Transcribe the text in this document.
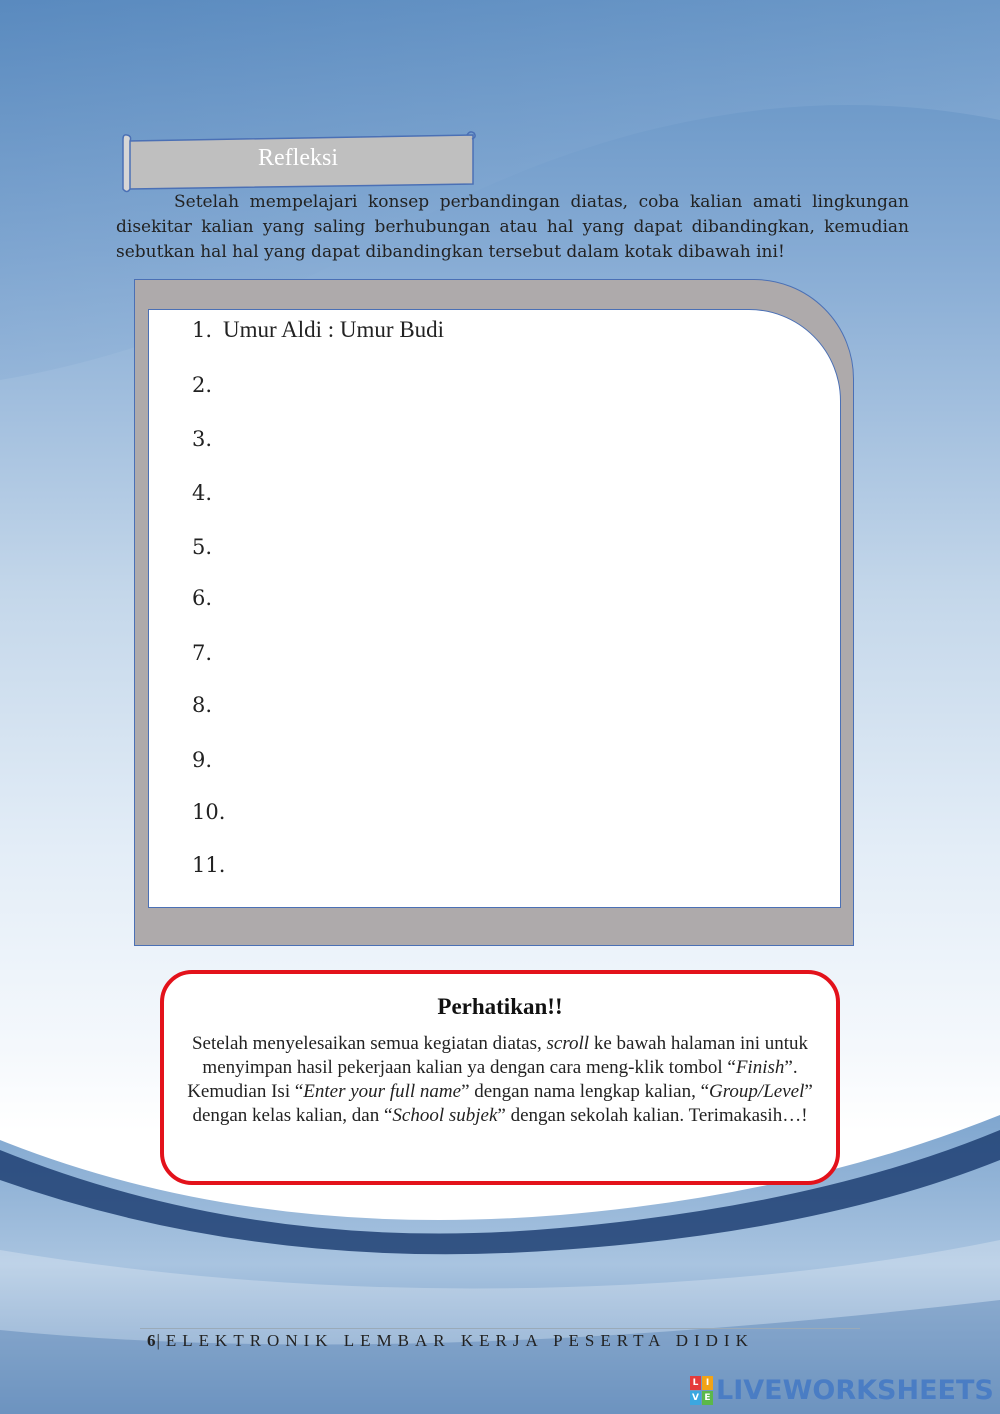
Refleksi
Setelah mempelajari konsep perbandingan diatas, coba kalian amati lingkungan disekitar kalian yang saling berhubungan atau hal yang dapat dibandingkan, kemudian sebutkan hal hal yang dapat dibandingkan tersebut dalam kotak dibawah ini!
1. Umur Aldi : Umur Budi
2.
3.
4.
5.
6.
7.
8.
9.
10.
11.
Perhatikan!!
Setelah menyelesaikan semua kegiatan diatas, scroll ke bawah halaman ini untuk menyimpan hasil pekerjaan kalian ya dengan cara meng-klik tombol “Finish”. Kemudian Isi “Enter your full name” dengan nama lengkap kalian, “Group/Level” dengan kelas kalian, dan “School subjek” dengan sekolah kalian. Terimakasih…!
6|ELEKTRONIK LEMBAR KERJA PESERTA DIDIK
L I
V E LIVEWORKSHEETS
